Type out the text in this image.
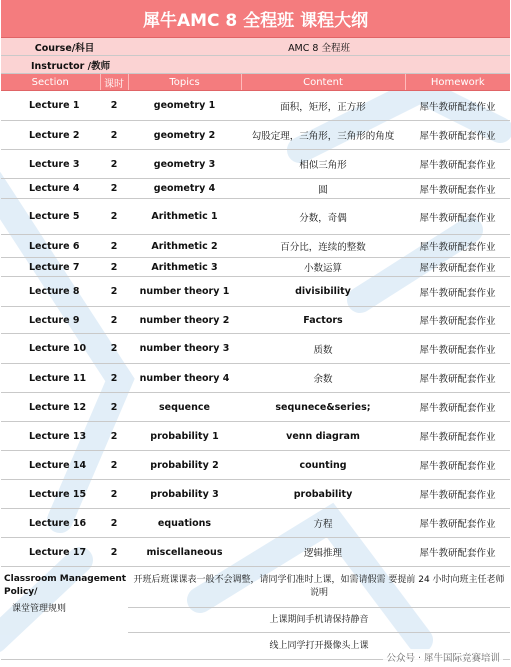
犀牛AMC 8 全程班 课程大纲				
Course/科目		AMC 8 全程班		
Instructor /教师				
Section	课时	Topics	Content	Homework
Lecture 1	2	geometry 1	面积，矩形，正方形	犀牛教研配套作业
Lecture 2	2	geometry 2	勾股定理，三角形，三角形的角度	犀牛教研配套作业
Lecture 3	2	geometry 3	相似三角形	犀牛教研配套作业
Lecture 4	2	geometry 4	圆	犀牛教研配套作业
Lecture 5	2	Arithmetic 1	分数，奇偶	犀牛教研配套作业
Lecture 6	2	Arithmetic 2	百分比，连续的整数	犀牛教研配套作业
Lecture 7	2	Arithmetic 3	小数运算	犀牛教研配套作业
Lecture 8	2	number theory 1	divisibility	犀牛教研配套作业
Lecture 9	2	number theory 2	Factors	犀牛教研配套作业
Lecture 10	2	number theory 3	质数	犀牛教研配套作业
Lecture 11	2	number theory 4	余数	犀牛教研配套作业
Lecture 12	2	sequence	sequnece&series;	犀牛教研配套作业
Lecture 13	2	probability 1	venn diagram	犀牛教研配套作业
Lecture 14	2	probability 2	counting	犀牛教研配套作业
Lecture 15	2	probability 3	probability	犀牛教研配套作业
Lecture 16	2	equations	方程	犀牛教研配套作业
Lecture 17	2	miscellaneous	逻辑推理	犀牛教研配套作业
Classroom Management Policy/
课堂管理规则		开班后班课课表一般不会调整，请同学们准时上课，如需请假需 要提前 24 小时向班主任老师说明		
		上课期间手机请保持静音		
		线上同学打开摄像头上课		
公众号 · 犀牛国际竞赛培训
